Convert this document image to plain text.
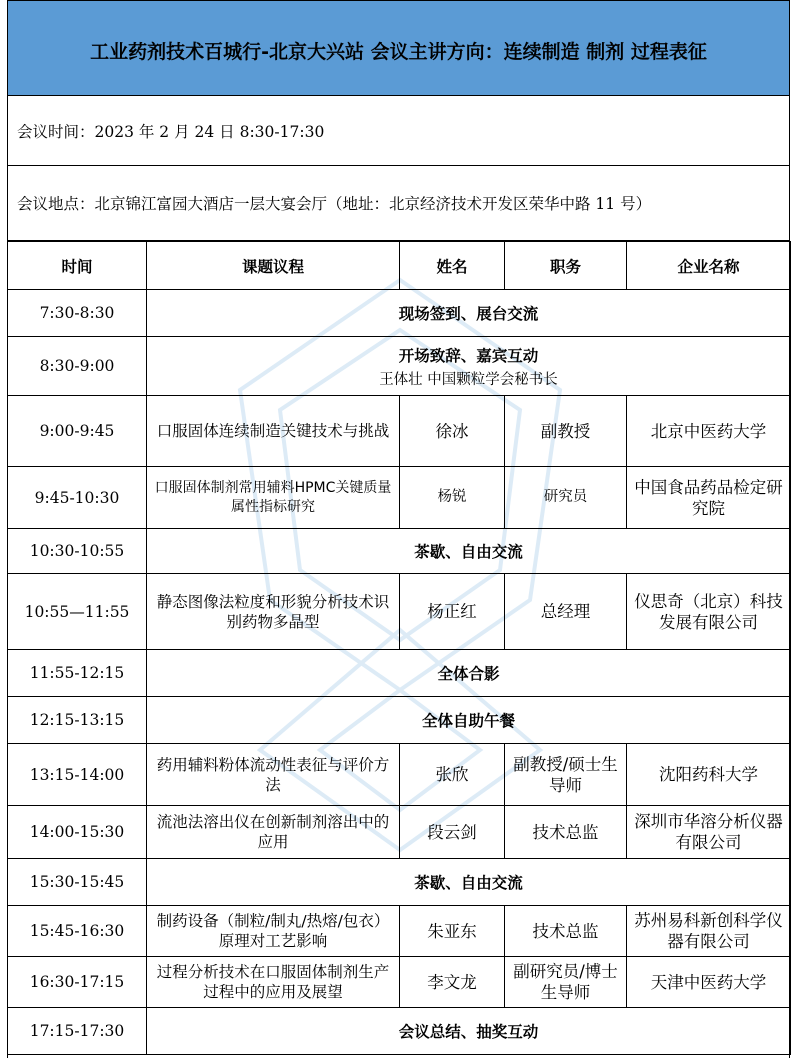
工业药剂技术百城行-北京大兴站 会议主讲方向：连续制造 制剂 过程表征
会议时间：2023 年 2 月 24 日 8:30-17:30
会议地点：北京锦江富园大酒店一层大宴会厅（地址：北京经济技术开发区荣华中路 11 号）
时间	课题议程	姓名	职务	企业名称
7:30-8:30	现场签到、展台交流			
8:30-9:00	开场致辞、嘉宾互动
王体壮 中国颗粒学会秘书长			

9:00-9:45	口服固体连续制造关键技术与挑战	徐冰	副教授	北京中医药大学
9:45-10:30	口服固体制剂常用辅料HPMC关键质量属性指标研究	杨锐	研究员	中国食品药品检定研究院
10:30-10:55	茶歇、自由交流			
10:55—11:55	静态图像法粒度和形貌分析技术识别药物多晶型	杨正红	总经理	仪思奇（北京）科技发展有限公司
11:55-12:15	全体合影			
12:15-13:15	全体自助午餐			
13:15-14:00	药用辅料粉体流动性表征与评价方法	张欣	副教授/硕士生导师	沈阳药科大学
14:00-15:30	流池法溶出仪在创新制剂溶出中的应用	段云剑	技术总监	深圳市华溶分析仪器有限公司
15:30-15:45	茶歇、自由交流			
15:45-16:30	制药设备（制粒/制丸/热熔/包衣）原理对工艺影响	朱亚东	技术总监	苏州易科新创科学仪器有限公司
16:30-17:15	过程分析技术在口服固体制剂生产过程中的应用及展望	李文龙	副研究员/博士生导师	天津中医药大学
17:15-17:30	会议总结、抽奖互动			
